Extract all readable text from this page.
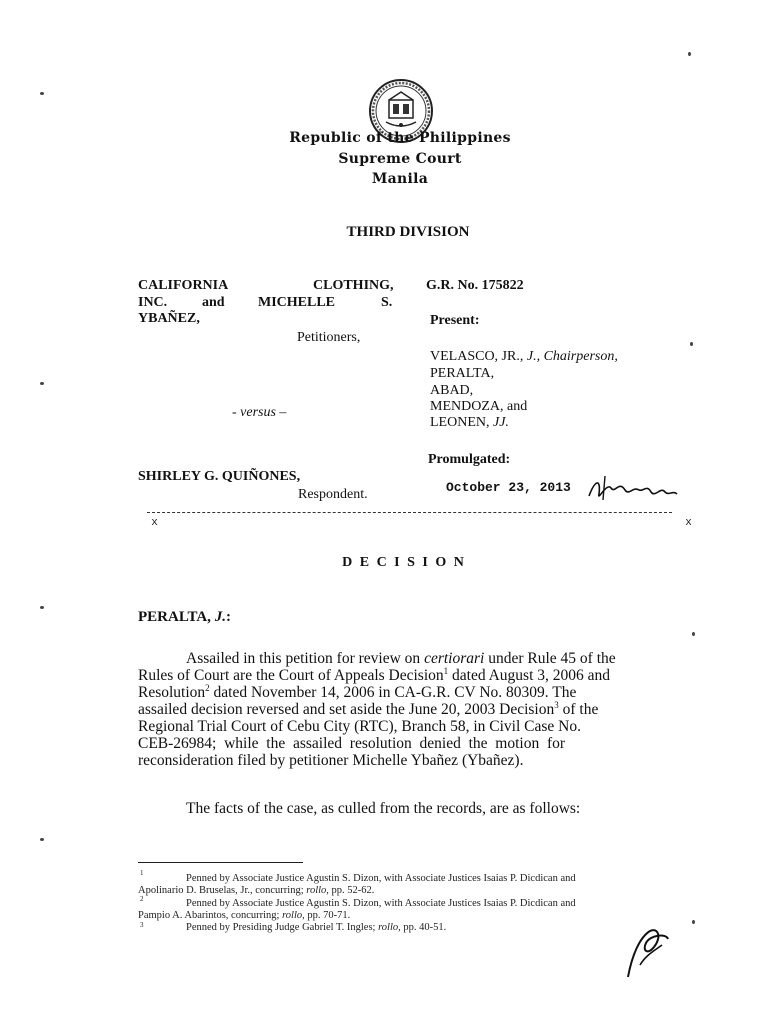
Republic of the Philippines
Supreme Court
Manila
THIRD DIVISION
CALIFORNIA	CLOTHING,
INC. and MICHELLE	S.
YBAÑEZ,
Petitioners,
- versus –
SHIRLEY G. QUIÑONES,
Respondent.
G.R. No. 175822
Present:
VELASCO, JR., J., Chairperson,
PERALTA,
ABAD,
MENDOZA, and
LEONEN, JJ.
Promulgated:
October 23, 2013

x	x

D E C I S I O N
PERALTA, J.:
Assailed in this petition for review on certiorari under Rule 45 of the
Rules of Court are the Court of Appeals Decision$^1$ dated August 3, 2006 and
Resolution$^2$ dated November 14, 2006 in CA-G.R. CV No. 80309. The
assailed decision reversed and set aside the June 20, 2003 Decision$^3$ of the
Regional Trial Court of Cebu City (RTC), Branch 58, in Civil Case No.
CEB-26984;  while  the  assailed  resolution  denied  the  motion  for
reconsideration filed by petitioner Michelle Ybañez (Ybañez).
The facts of the case, as culled from the records, are as follows:
1	Penned by Associate Justice Agustin S. Dizon, with Associate Justices Isaias P. Dicdican and
Apolinario D. Bruselas, Jr., concurring; rollo, pp. 52-62.
2	Penned by Associate Justice Agustin S. Dizon, with Associate Justices Isaias P. Dicdican and
Pampio A. Abarintos, concurring; rollo, pp. 70-71.
3	Penned by Presiding Judge Gabriel T. Ingles; rollo, pp. 40-51.
